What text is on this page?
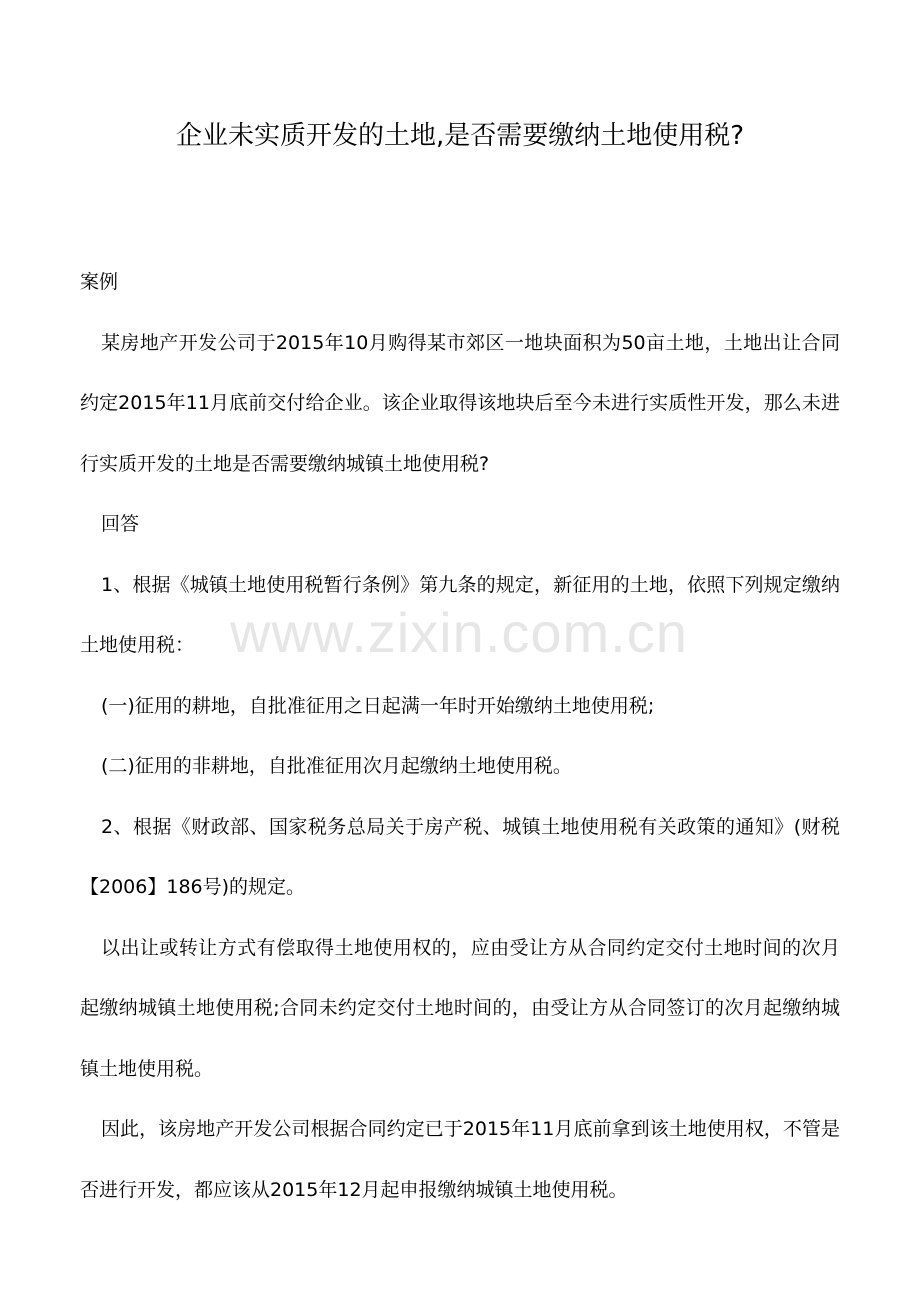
www.zixin.com.cn
企业未实质开发的土地,是否需要缴纳土地使用税?

案例

某房地产开发公司于2015年10月购得某市郊区一地块面积为50亩土地，土地出让合同约定2015年11月底前交付给企业。该企业取得该地块后至今未进行实质性开发，那么未进行实质开发的土地是否需要缴纳城镇土地使用税?

回答

1、根据《城镇土地使用税暂行条例》第九条的规定，新征用的土地，依照下列规定缴纳土地使用税：

(一)征用的耕地，自批准征用之日起满一年时开始缴纳土地使用税;

(二)征用的非耕地，自批准征用次月起缴纳土地使用税。

2、根据《财政部、国家税务总局关于房产税、城镇土地使用税有关政策的通知》(财税【2006】186号)的规定。

以出让或转让方式有偿取得土地使用权的，应由受让方从合同约定交付土地时间的次月起缴纳城镇土地使用税;合同未约定交付土地时间的，由受让方从合同签订的次月起缴纳城镇土地使用税。

因此，该房地产开发公司根据合同约定已于2015年11月底前拿到该土地使用权，不管是否进行开发，都应该从2015年12月起申报缴纳城镇土地使用税。
